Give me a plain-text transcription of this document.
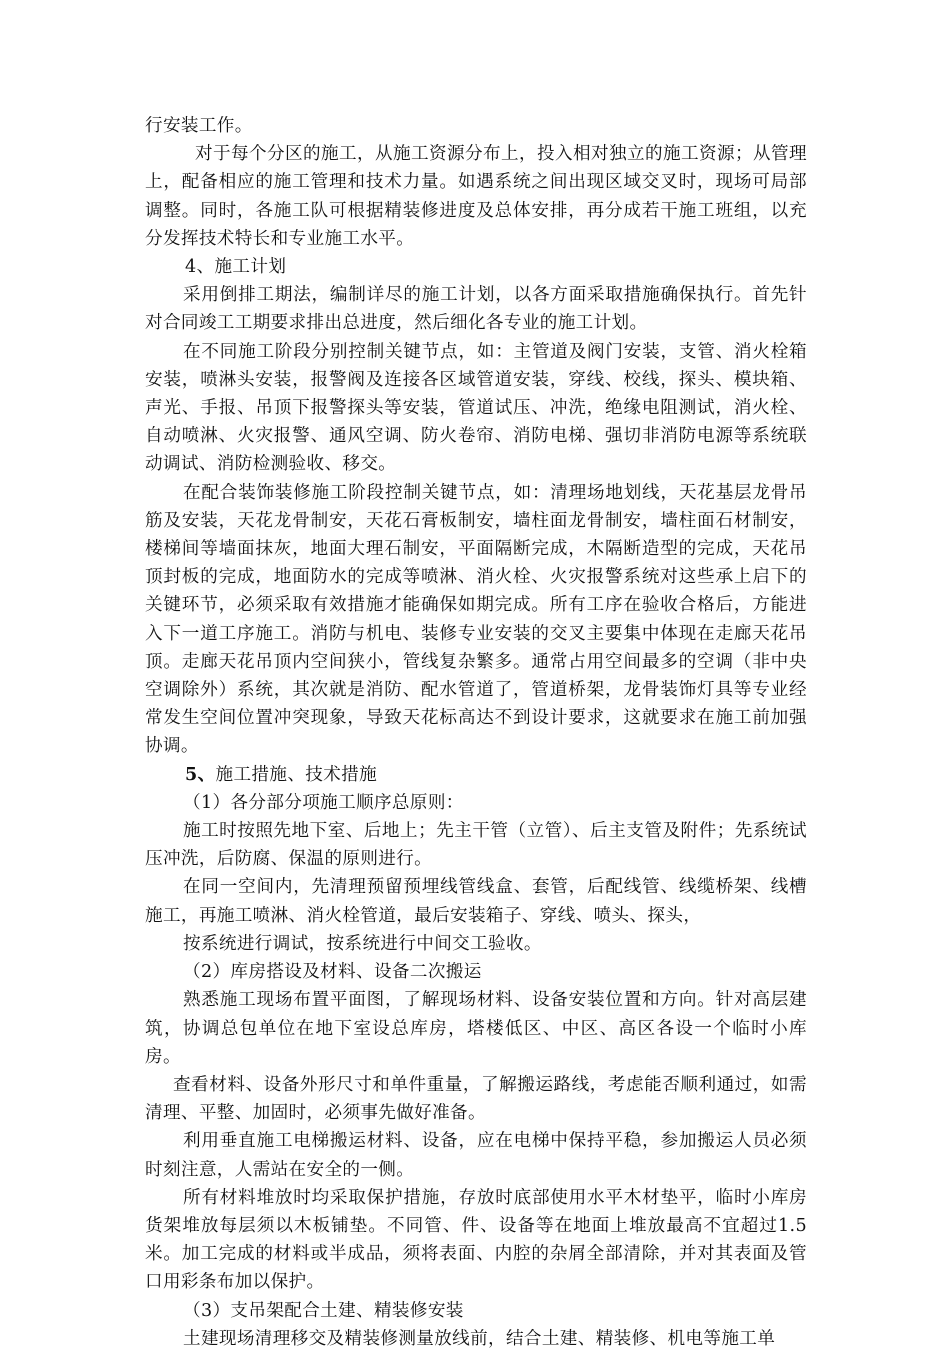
行安装工作。

对于每个分区的施工，从施工资源分布上，投入相对独立的施工资源；从管理上，配备相应的施工管理和技术力量。如遇系统之间出现区域交叉时，现场可局部调整。同时，各施工队可根据精装修进度及总体安排，再分成若干施工班组，以充分发挥技术特长和专业施工水平。

4、施工计划

采用倒排工期法，编制详尽的施工计划，以各方面采取措施确保执行。首先针对合同竣工工期要求排出总进度，然后细化各专业的施工计划。

在不同施工阶段分别控制关键节点，如：主管道及阀门安装，支管、消火栓箱安装，喷淋头安装，报警阀及连接各区域管道安装，穿线、校线，探头、模块箱、声光、手报、吊顶下报警探头等安装，管道试压、冲洗，绝缘电阻测试，消火栓、自动喷淋、火灾报警、通风空调、防火卷帘、消防电梯、强切非消防电源等系统联动调试、消防检测验收、移交。

在配合装饰装修施工阶段控制关键节点，如：清理场地划线，天花基层龙骨吊筋及安装，天花龙骨制安，天花石膏板制安，墙柱面龙骨制安，墙柱面石材制安，楼梯间等墙面抹灰，地面大理石制安，平面隔断完成，木隔断造型的完成，天花吊顶封板的完成，地面防水的完成等喷淋、消火栓、火灾报警系统对这些承上启下的关键环节，必须采取有效措施才能确保如期完成。所有工序在验收合格后，方能进入下一道工序施工。消防与机电、装修专业安装的交叉主要集中体现在走廊天花吊顶。走廊天花吊顶内空间狭小，管线复杂繁多。通常占用空间最多的空调（非中央空调除外）系统，其次就是消防、配水管道了，管道桥架，龙骨装饰灯具等专业经常发生空间位置冲突现象，导致天花标高达不到设计要求，这就要求在施工前加强协调。

5、施工措施、技术措施

（1）各分部分项施工顺序总原则：

施工时按照先地下室、后地上；先主干管（立管）、后主支管及附件；先系统试压冲洗，后防腐、保温的原则进行。

在同一空间内，先清理预留预埋线管线盒、套管，后配线管、线缆桥架、线槽施工，再施工喷淋、消火栓管道，最后安装箱子、穿线、喷头、探头，

按系统进行调试，按系统进行中间交工验收。

（2）库房搭设及材料、设备二次搬运

熟悉施工现场布置平面图，了解现场材料、设备安装位置和方向。针对高层建筑，协调总包单位在地下室设总库房，塔楼低区、中区、高区各设一个临时小库房。

查看材料、设备外形尺寸和单件重量，了解搬运路线，考虑能否顺利通过，如需清理、平整、加固时，必须事先做好准备。

利用垂直施工电梯搬运材料、设备，应在电梯中保持平稳，参加搬运人员必须时刻注意，人需站在安全的一侧。

所有材料堆放时均采取保护措施，存放时底部使用水平木材垫平，临时小库房货架堆放每层须以木板铺垫。不同管、件、设备等在地面上堆放最高不宜超过1.5米。加工完成的材料或半成品，须将表面、内腔的杂屑全部清除，并对其表面及管口用彩条布加以保护。

（3）支吊架配合土建、精装修安装

土建现场清理移交及精装修测量放线前，结合土建、精装修、机电等施工单
